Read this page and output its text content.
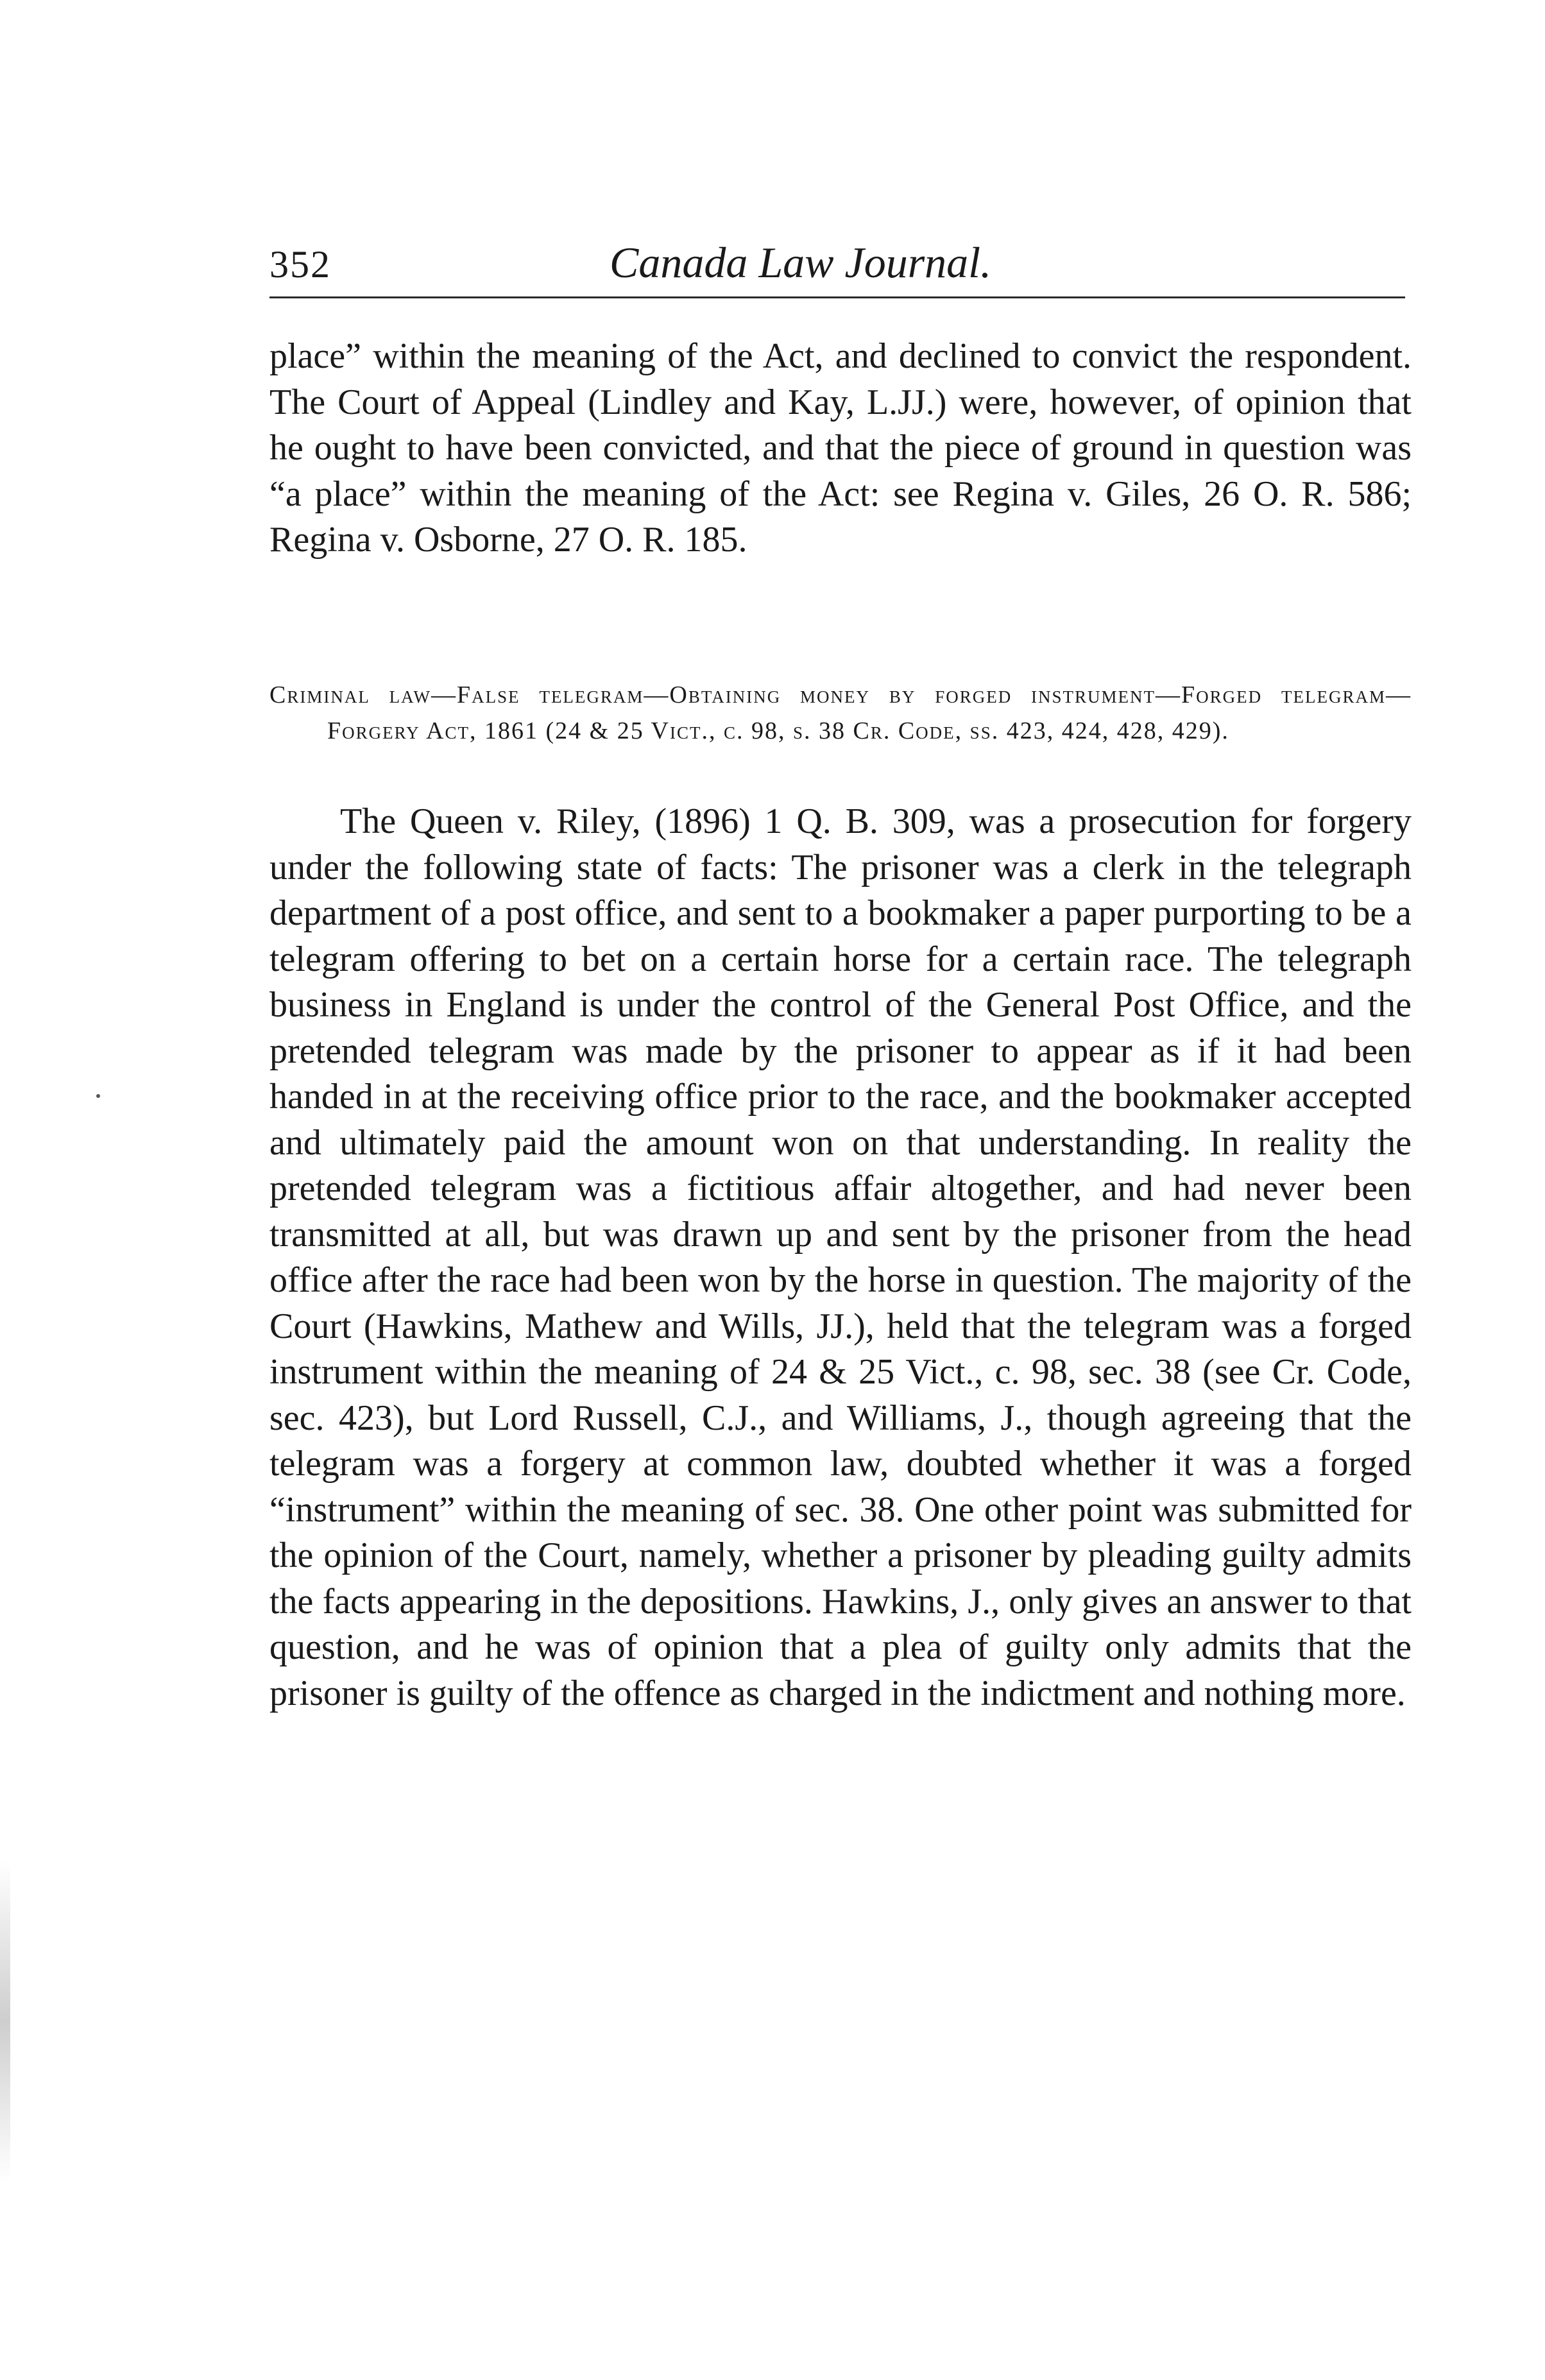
352	Canada Law Journal.

place” within the meaning of the Act, and declined to convict the respondent. The Court of Appeal (Lindley and Kay, L.JJ.) were, however, of opinion that he ought to have been convicted, and that the piece of ground in question was “a place” within the meaning of the Act: see Regina v. Giles, 26 O. R. 586; Regina v. Osborne, 27 O. R. 185.

Criminal law—False telegram—Obtaining money by forged instrument—Forged telegram—Forgery Act, 1861 (24 & 25 Vict., c. 98, s. 38 Cr. Code, ss. 423, 424, 428, 429).

The Queen v. Riley, (1896) 1 Q. B. 309, was a prosecution for forgery under the following state of facts: The prisoner was a clerk in the telegraph department of a post office, and sent to a bookmaker a paper purporting to be a telegram offering to bet on a certain horse for a certain race. The telegraph business in England is under the control of the General Post Office, and the pretended telegram was made by the prisoner to appear as if it had been handed in at the receiving office prior to the race, and the bookmaker accepted and ultimately paid the amount won on that understanding. In reality the pretended telegram was a fictitious affair altogether, and had never been transmitted at all, but was drawn up and sent by the prisoner from the head office after the race had been won by the horse in question. The majority of the Court (Hawkins, Mathew and Wills, JJ.), held that the telegram was a forged instrument within the meaning of 24 & 25 Vict., c. 98, sec. 38 (see Cr. Code, sec. 423), but Lord Russell, C.J., and Williams, J., though agreeing that the telegram was a forgery at common law, doubted whether it was a forged “instrument” within the meaning of sec. 38. One other point was submitted for the opinion of the Court, namely, whether a prisoner by pleading guilty admits the facts appearing in the depositions. Hawkins, J., only gives an answer to that question, and he was of opinion that a plea of guilty only admits that the prisoner is guilty of the offence as charged in the indictment and nothing more.
